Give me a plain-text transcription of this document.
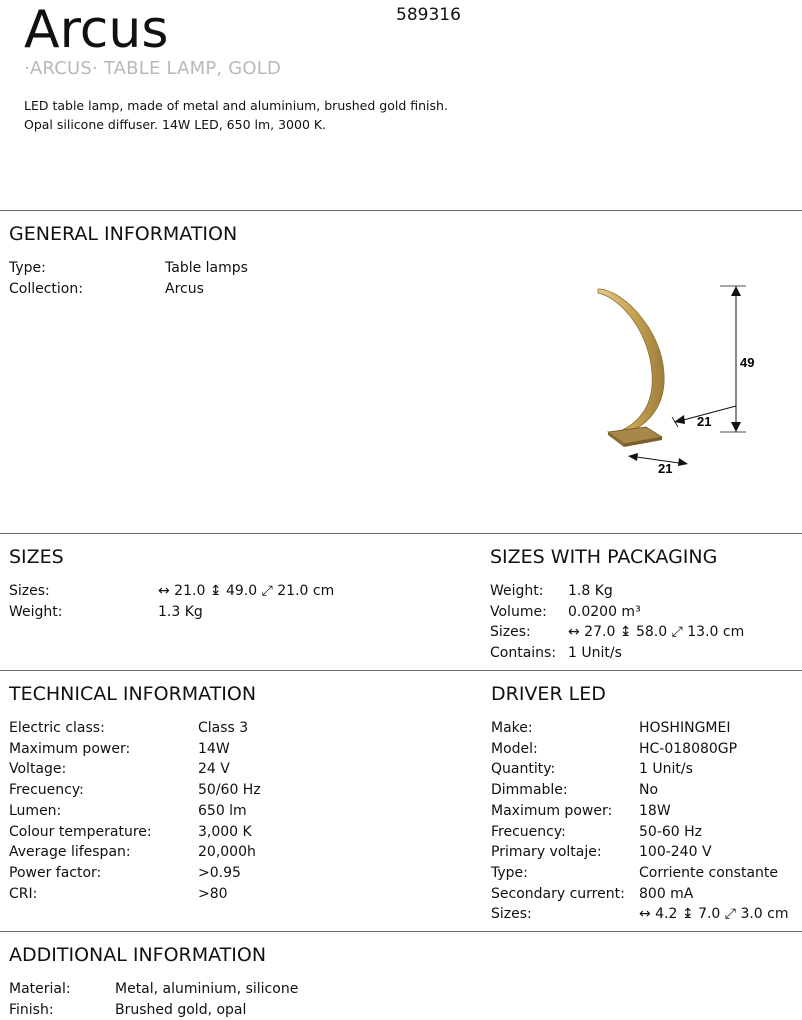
Arcus	589316
·ARCUS· TABLE LAMP, GOLD
LED table lamp, made of metal and aluminium, brushed gold finish.
Opal silicone diffuser. 14W LED, 650 lm, 3000 K.
GENERAL INFORMATION
Type:	Table lamps
Collection:	Arcus
49
21
21
SIZES
Sizes:	↔ 21.0 ↨ 49.0 ⤢ 21.0 cm
Weight:	1.3 Kg
SIZES WITH PACKAGING
Weight:	1.8 Kg
Volume:	0.0200 m³
Sizes:	↔ 27.0 ↨ 58.0 ⤢ 13.0 cm
Contains: 1 Unit/s
TECHNICAL INFORMATION
Electric class:	Class 3
Maximum power:	14W
Voltage:	24 V
Frecuency:	50/60 Hz
Lumen:	650 lm
Colour temperature:	3,000 K
Average lifespan:	20,000h
Power factor:	>0.95
CRI:	>80
DRIVER LED
Make:	HOSHINGMEI
Model:	HC-018080GP
Quantity:	1 Unit/s
Dimmable:	No
Maximum power:	18W
Frecuency:	50-60 Hz
Primary voltaje:	100-240 V
Type:	Corriente constante
Secondary current:	800 mA
Sizes:	↔ 4.2 ↨ 7.0 ⤢ 3.0 cm
ADDITIONAL INFORMATION
Material:	Metal, aluminium, silicone
Finish:	Brushed gold, opal
